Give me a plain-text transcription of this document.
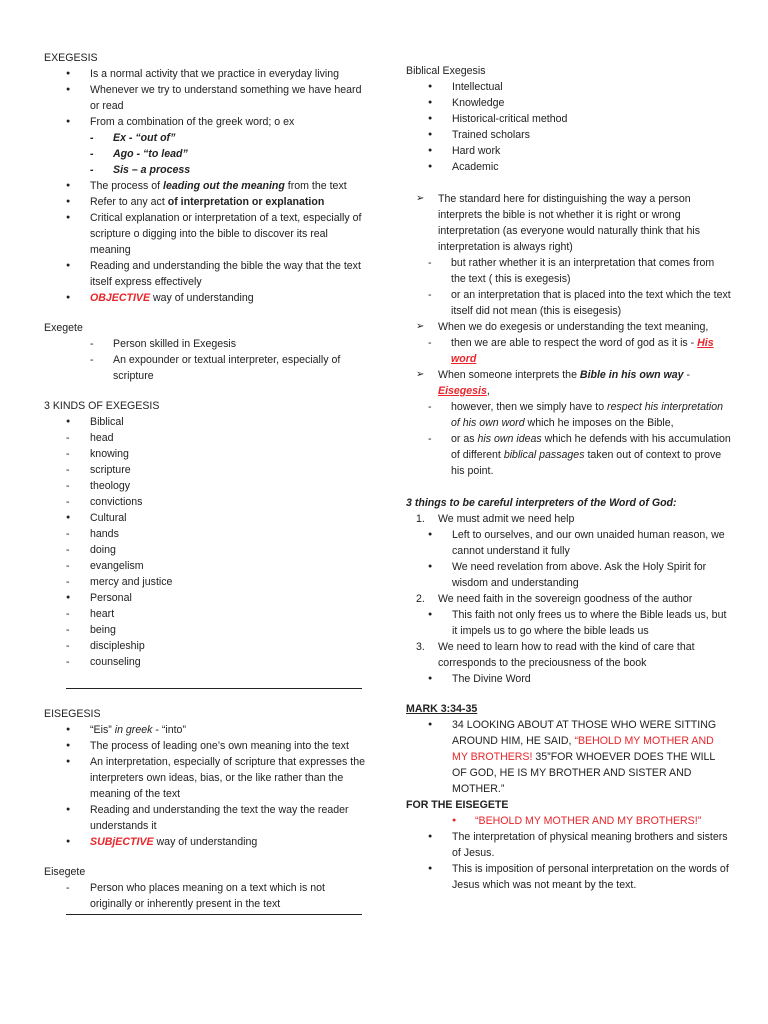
EXEGESIS

● Is a normal activity that we practice in everyday living
● Whenever we try to understand something we have heard or read
● From a combination of the greek word; o ex
- Ex - “out of”
- Ago - “to lead”
- Sis – a process
● The process of leading out the meaning from the text
● Refer to any act of interpretation or explanation
● Critical explanation or interpretation of a text, especially of scripture o digging into the bible to discover its real meaning
● Reading and understanding the bible the way that the text itself express effectively
● OBJECTIVE way of understanding

Exegete

- Person skilled in Exegesis
- An expounder or textual interpreter, especially of scripture

3 KINDS OF EXEGESIS

● Biblical
- head
- knowing
- scripture
- theology
- convictions
● Cultural
- hands
- doing
- evangelism
- mercy and justice
● Personal
- heart
- being
- discipleship
- counseling

EISEGESIS

● “Eis” in greek - “into”
● The process of leading one’s own meaning into the text
● An interpretation, especially of scripture that expresses the interpreters own ideas, bias, or the like rather than the meaning of the text
● Reading and understanding the text the way the reader understands it
● SUBjECTIVE way of understanding

Eisegete

- Person who places meaning on a text which is not originally or inherently present in the text

Biblical Exegesis

● Intellectual
● Knowledge
● Historical-critical method
● Trained scholars
● Hard work
● Academic
➢ The standard here for distinguishing the way a person interprets the bible is not whether it is right or wrong interpretation (as everyone would naturally think that his interpretation is always right)
- but rather whether it is an interpretation that comes from the text ( this is exegesis)
- or an interpretation that is placed into the text which the text itself did not mean (this is eisegesis)
➢ When we do exegesis or understanding the text meaning,
- then we are able to respect the word of god as it is - His word
➢ When someone interprets the Bible in his own way - Eisegesis,
- however, then we simply have to respect his interpretation of his own word which he imposes on the Bible,
- or as his own ideas which he defends with his accumulation of different biblical passages taken out of context to prove his point.

3 things to be careful interpreters of the Word of God:

1. We must admit we need help
● Left to ourselves, and our own unaided human reason, we cannot understand it fully
● We need revelation from above. Ask the Holy Spirit for wisdom and understanding
2. We need faith in the sovereign goodness of the author
● This faith not only frees us to where the Bible leads us, but it impels us to go where the bible leads us
3. We need to learn how to read with the kind of care that corresponds to the preciousness of the book
● The Divine Word

MARK 3:34-35

● 34 LOOKING ABOUT AT THOSE WHO WERE SITTING AROUND HIM, HE SAID, “BEHOLD MY MOTHER AND MY BROTHERS! 35”FOR WHOEVER DOES THE WILL OF GOD, HE IS MY BROTHER AND SISTER AND MOTHER.”

FOR THE EISEGETE

● “BEHOLD MY MOTHER AND MY BROTHERS!”
● The interpretation of physical meaning brothers and sisters of Jesus.
● This is imposition of personal interpretation on the words of Jesus which was not meant by the text.
